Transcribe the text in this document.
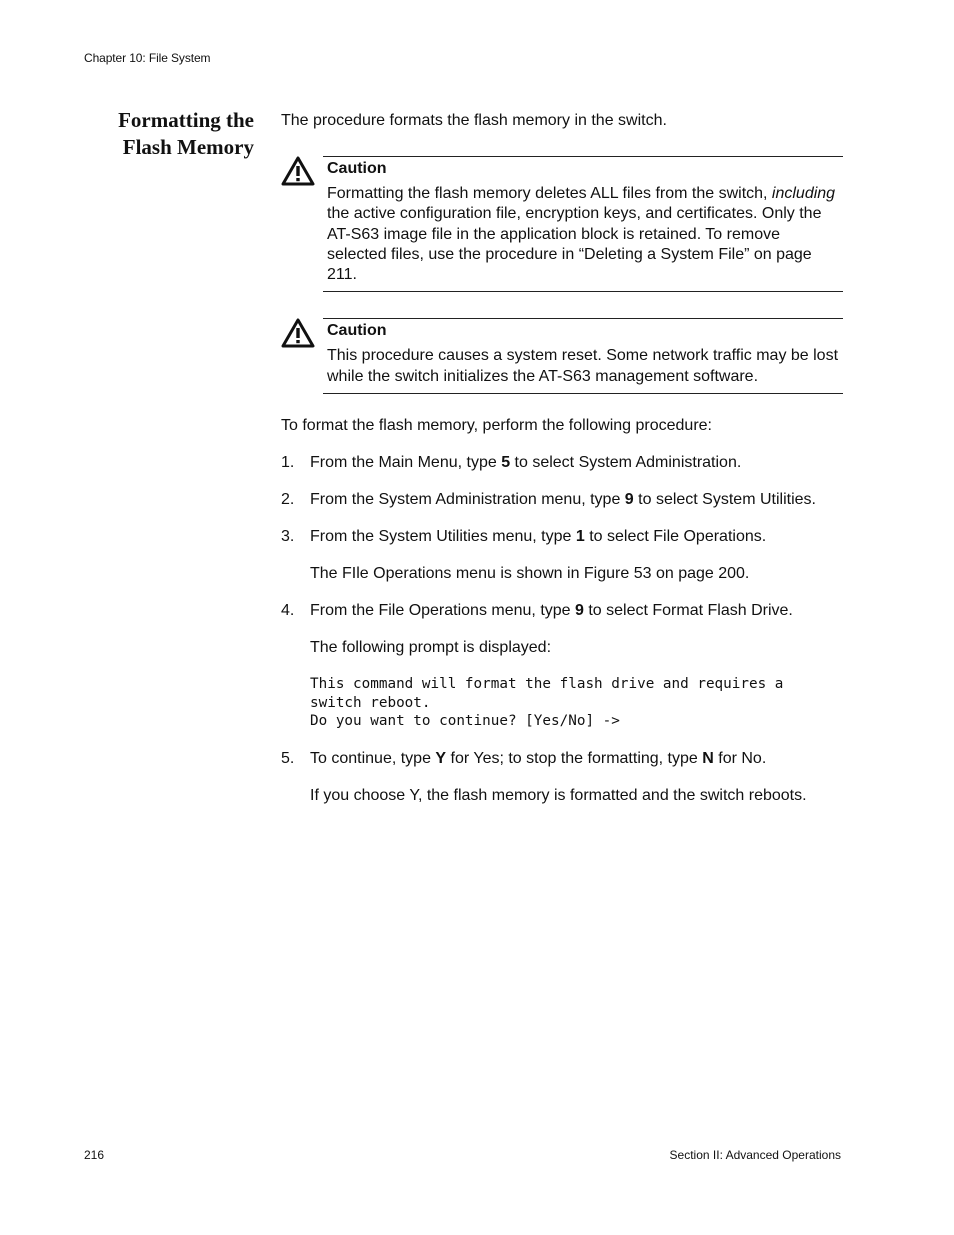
Chapter 10: File System
Formatting the
Flash Memory

The procedure formats the flash memory in the switch.

Caution

Formatting the flash memory deletes ALL files from the switch, including the active configuration file, encryption keys, and certificates. Only the AT-S63 image file in the application block is retained. To remove selected files, use the procedure in “Deleting a System File” on page 211.

Caution

This procedure causes a system reset. Some network traffic may be lost while the switch initializes the AT-S63 management software.

To format the flash memory, perform the following procedure:

1. From the Main Menu, type 5 to select System Administration.
2. From the System Administration menu, type 9 to select System Utilities.
3. From the System Utilities menu, type 1 to select File Operations.
The FIle Operations menu is shown in Figure 53 on page 200.
4. From the File Operations menu, type 9 to select Format Flash Drive.
The following prompt is displayed:
This command will format the flash drive and requires a
switch reboot.
Do you want to continue? [Yes/No] ->
5. To continue, type Y for Yes; to stop the formatting, type N for No.
If you choose Y, the flash memory is formatted and the switch reboots.
216	Section II: Advanced Operations
